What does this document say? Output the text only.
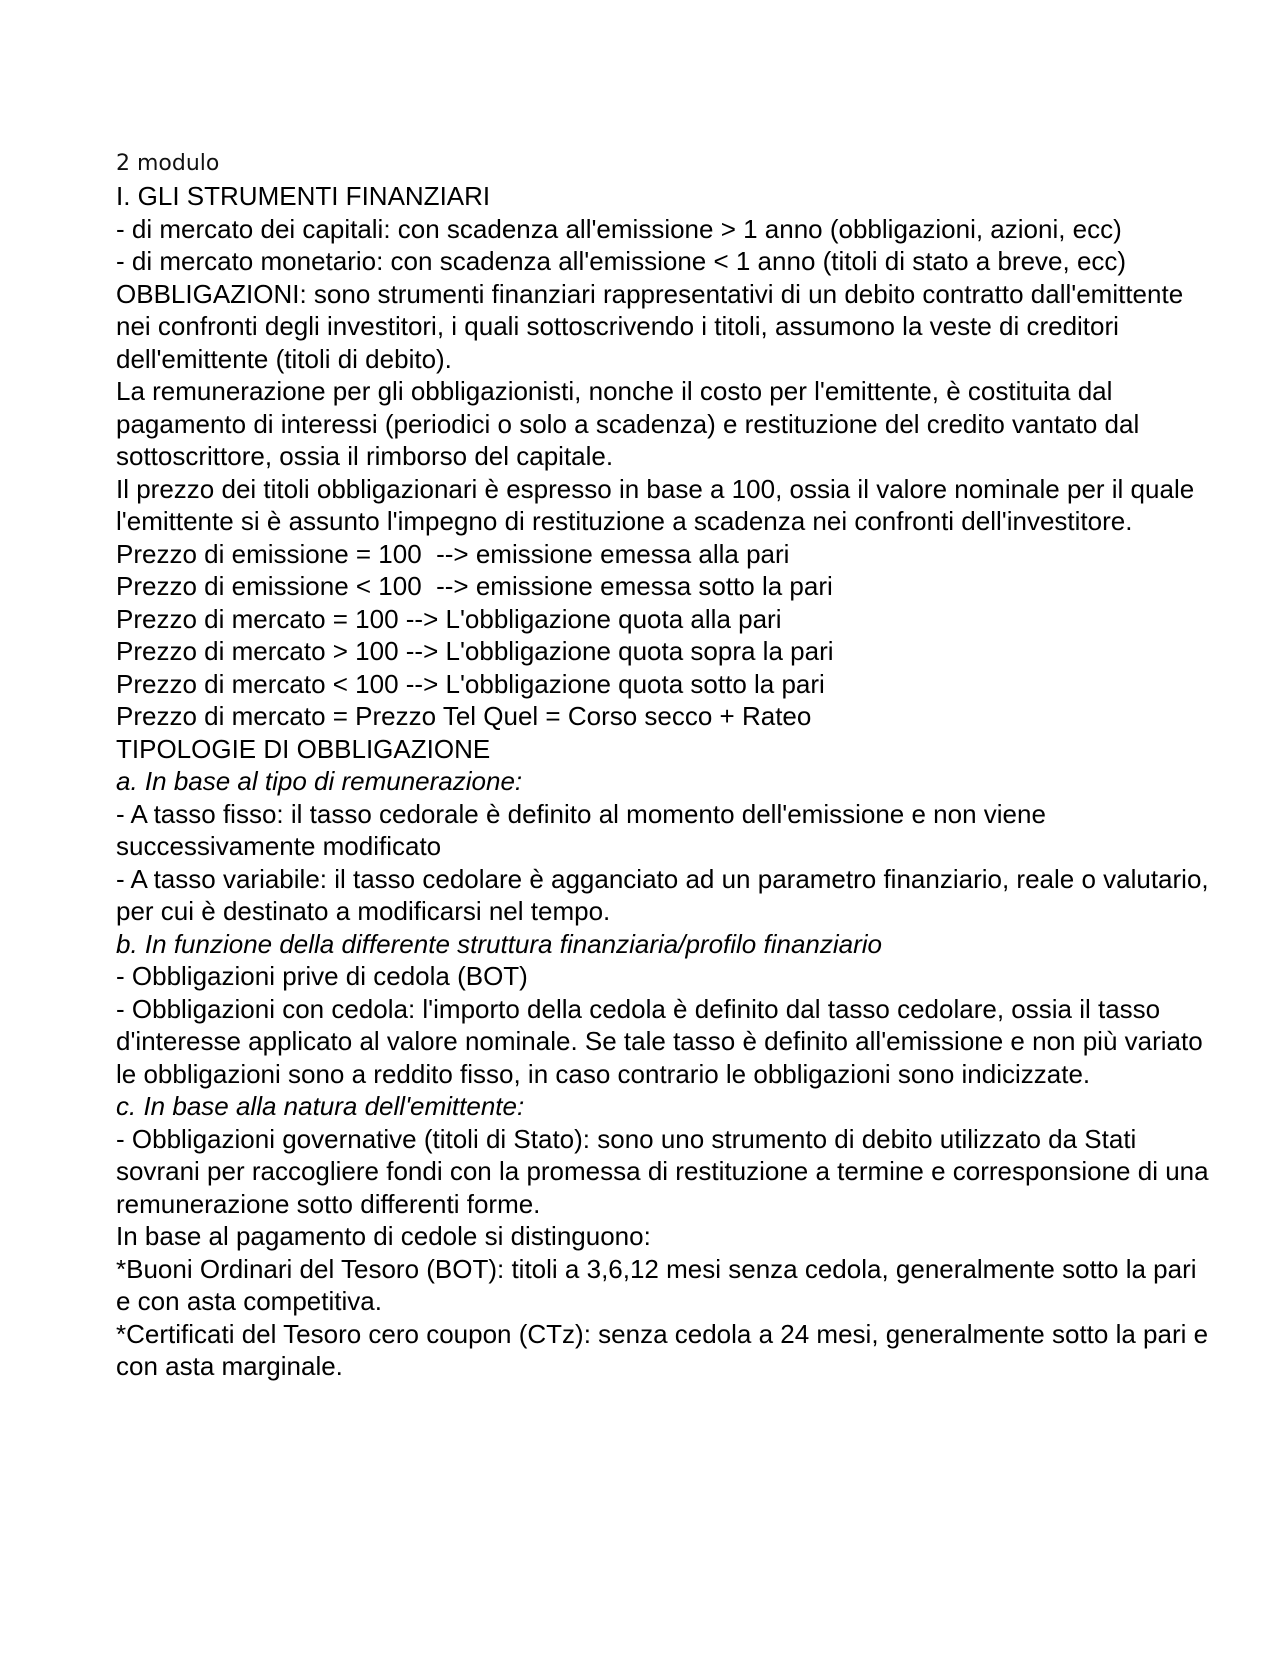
2 modulo

I. GLI STRUMENTI FINANZIARI

- di mercato dei capitali: con scadenza all'emissione > 1 anno (obbligazioni, azioni, ecc)

- di mercato monetario: con scadenza all'emissione < 1 anno (titoli di stato a breve, ecc)

OBBLIGAZIONI: sono strumenti finanziari rappresentativi di un debito contratto dall'emittente nei confronti degli investitori, i quali sottoscrivendo i titoli, assumono la veste di creditori dell'emittente (titoli di debito).

La remunerazione per gli obbligazionisti, nonche il costo per l'emittente, è costituita dal pagamento di interessi (periodici o solo a scadenza) e restituzione del credito vantato dal sottoscrittore, ossia il rimborso del capitale.

Il prezzo dei titoli obbligazionari è espresso in base a 100, ossia il valore nominale per il quale l'emittente si è assunto l'impegno di restituzione a scadenza nei confronti dell'investitore.

Prezzo di emissione = 100  --> emissione emessa alla pari

Prezzo di emissione < 100  --> emissione emessa sotto la pari

Prezzo di mercato = 100 --> L'obbligazione quota alla pari

Prezzo di mercato > 100 --> L'obbligazione quota sopra la pari

Prezzo di mercato < 100 --> L'obbligazione quota sotto la pari

Prezzo di mercato = Prezzo Tel Quel = Corso secco + Rateo

TIPOLOGIE DI OBBLIGAZIONE

a. In base al tipo di remunerazione:

- A tasso fisso: il tasso cedorale è definito al momento dell'emissione e non viene successivamente modificato

- A tasso variabile: il tasso cedolare è agganciato ad un parametro finanziario, reale o valutario, per cui è destinato a modificarsi nel tempo.

b. In funzione della differente struttura finanziaria/profilo finanziario

- Obbligazioni prive di cedola (BOT)

- Obbligazioni con cedola: l'importo della cedola è definito dal tasso cedolare, ossia il tasso d'interesse applicato al valore nominale. Se tale tasso è definito all'emissione e non più variato le obbligazioni sono a reddito fisso, in caso contrario le obbligazioni sono indicizzate.

c. In base alla natura dell'emittente:

- Obbligazioni governative (titoli di Stato): sono uno strumento di debito utilizzato da Stati sovrani per raccogliere fondi con la promessa di restituzione a termine e corresponsione di una remunerazione sotto differenti forme.

In base al pagamento di cedole si distinguono:

*Buoni Ordinari del Tesoro (BOT): titoli a 3,6,12 mesi senza cedola, generalmente sotto la pari e con asta competitiva.

*Certificati del Tesoro cero coupon (CTz): senza cedola a 24 mesi, generalmente sotto la pari e con asta marginale.
